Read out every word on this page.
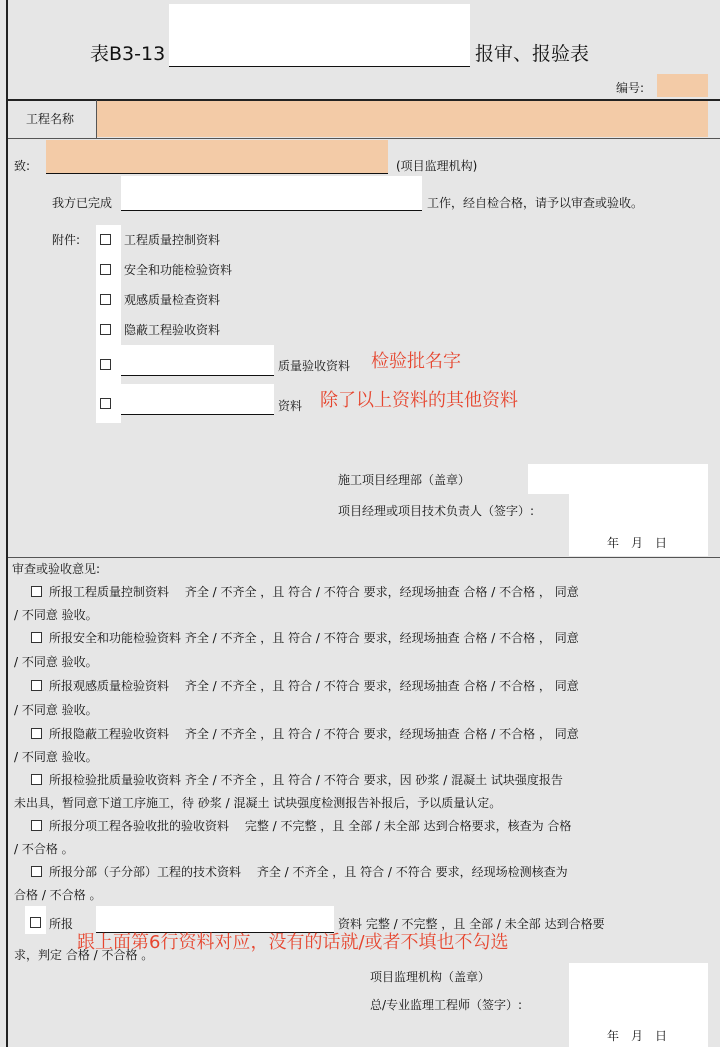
表B3-13	报审、报验表
编号:
工程名称
致:	(项目监理机构)
我方已完成	工作，经自检合格，请予以审查或验收。
附件:	工程质量控制资料
安全和功能检验资料
观感质量检查资料
隐蔽工程验收资料
质量验收资料 检验批名字
资料 除了以上资料的其他资料
施工项目经理部（盖章）
项目经理或项目技术负责人（签字）:
年　月　日
审查或验收意见:
所报工程质量控制资料　 齐全 / 不齐全 ，且 符合 / 不符合 要求，经现场抽查 合格 / 不合格 ， 同意
/ 不同意 验收。
所报安全和功能检验资料 齐全 / 不齐全 ，且 符合 / 不符合 要求，经现场抽查 合格 / 不合格 ， 同意
/ 不同意 验收。
所报观感质量检验资料　 齐全 / 不齐全 ，且 符合 / 不符合 要求，经现场抽查 合格 / 不合格 ， 同意
/ 不同意 验收。
所报隐蔽工程验收资料　 齐全 / 不齐全 ，且 符合 / 不符合 要求，经现场抽查 合格 / 不合格 ， 同意
/ 不同意 验收。
所报检验批质量验收资料 齐全 / 不齐全 ，且 符合 / 不符合 要求，因 砂浆 / 混凝土 试块强度报告
未出具，暂同意下道工序施工，待 砂浆 / 混凝土 试块强度检测报告补报后，予以质量认定。
所报分项工程各验收批的验收资料　 完整 / 不完整 ，且 全部 / 未全部 达到合格要求，核查为 合格
/ 不合格 。
所报分部（子分部）工程的技术资料　 齐全 / 不齐全 ，且 符合 / 不符合 要求，经现场检测核查为
合格 / 不合格 。
所报	资料 完整 / 不完整 ，且 全部 / 未全部 达到合格要
跟上面第6行资料对应，没有的话就/或者不填也不勾选
求，判定 合格 / 不合格 。
项目监理机构（盖章）
总/专业监理工程师（签字）:
年　月　日
